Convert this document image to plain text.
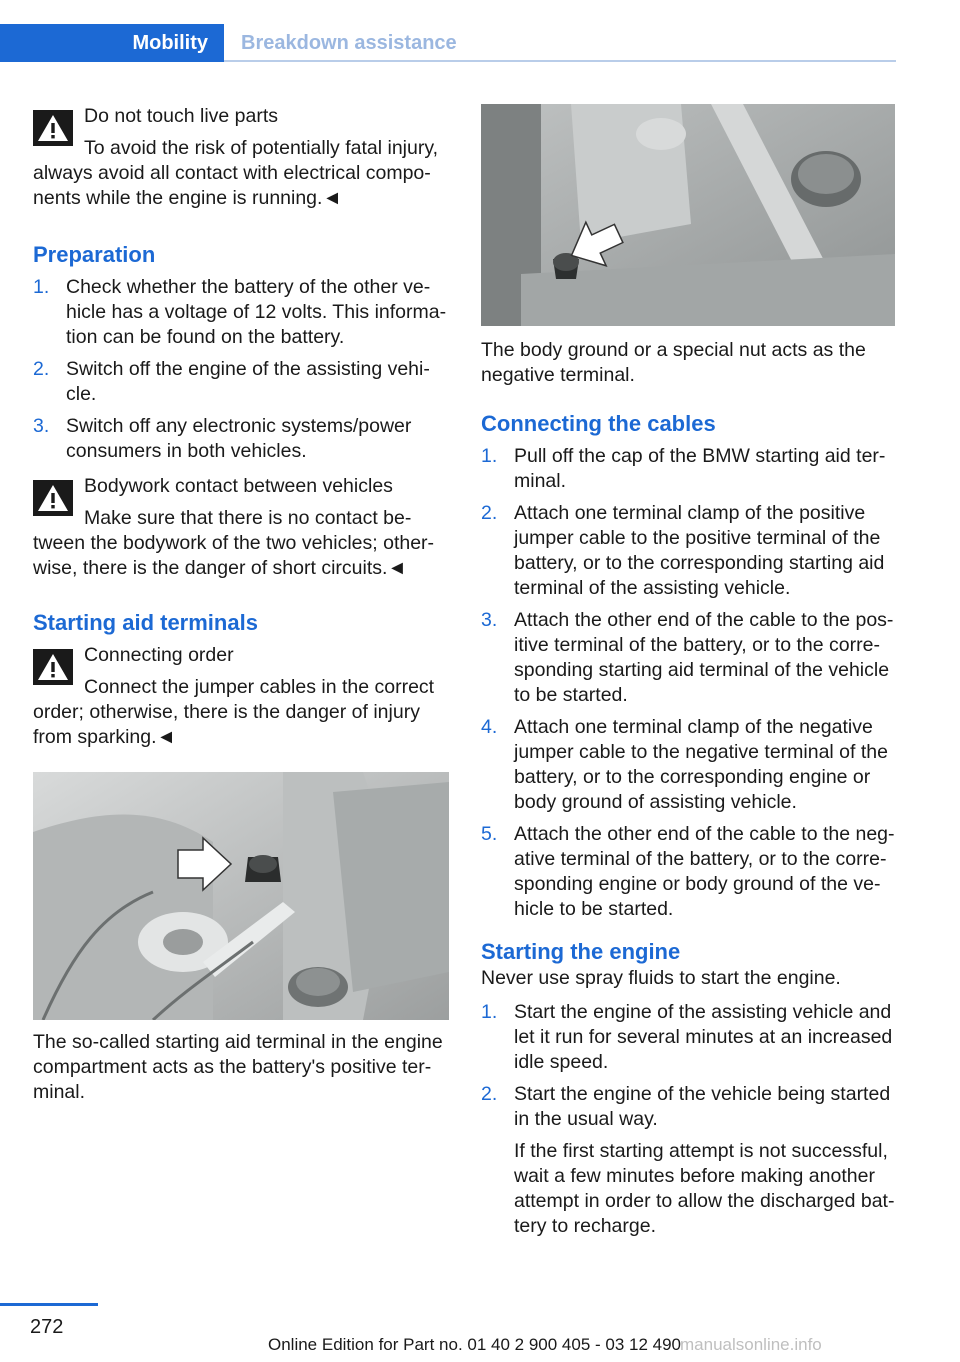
Mobility	Breakdown assistance

Do not touch live parts

To avoid the risk of potentially fatal injury,

always avoid all contact with electrical compo-nents while the engine is running.◄

Preparation
1. Check whether the battery of the other ve-hicle has a voltage of 12 volts. This informa-tion can be found on the battery.
2. Switch off the engine of the assisting vehi-cle.
3. Switch off any electronic systems/power consumers in both vehicles.

Bodywork contact between vehicles

Make sure that there is no contact be-

tween the bodywork of the two vehicles; other-wise, there is the danger of short circuits.◄

Starting aid terminals

Connecting order

Connect the jumper cables in the correct

order; otherwise, there is the danger of injury from sparking.◄

The so-called starting aid terminal in the engine compartment acts as the battery's positive ter-minal.

The body ground or a special nut acts as the negative terminal.

Connecting the cables
1. Pull off the cap of the BMW starting aid ter-minal.
2. Attach one terminal clamp of the positive jumper cable to the positive terminal of the battery, or to the corresponding starting aid terminal of the assisting vehicle.
3. Attach the other end of the cable to the pos-itive terminal of the battery, or to the corre-sponding starting aid terminal of the vehicle to be started.
4. Attach one terminal clamp of the negative jumper cable to the negative terminal of the battery, or to the corresponding engine or body ground of assisting vehicle.
5. Attach the other end of the cable to the neg-ative terminal of the battery, or to the corre-sponding engine or body ground of the ve-hicle to be started.
Starting the engine

Never use spray fluids to start the engine.

1. Start the engine of the assisting vehicle and let it run for several minutes at an increased idle speed.
2. Start the engine of the vehicle being started in the usual way.

If the first starting attempt is not successful, wait a few minutes before making another attempt in order to allow the discharged bat-tery to recharge.

272
Online Edition for Part no. 01 40 2 900 405 - 03 12 490
manualsonline.info
